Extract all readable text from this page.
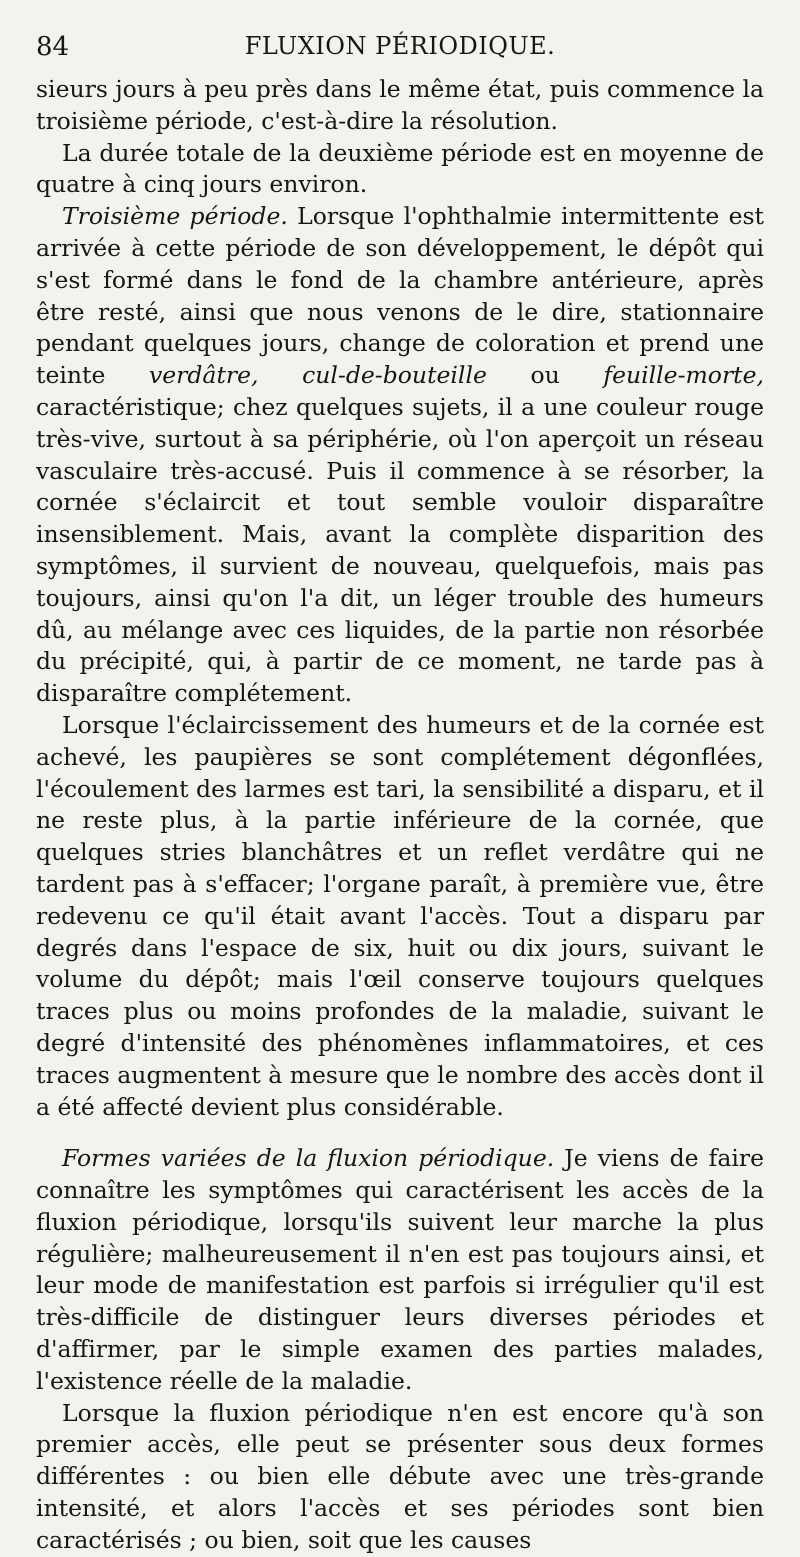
84	FLUXION PÉRIODIQUE.

sieurs jours à peu près dans le même état, puis commence la troisième période, c'est-à-dire la résolution.

La durée totale de la deuxième période est en moyenne de quatre à cinq jours environ.

Troisième période. Lorsque l'ophthalmie intermittente est arrivée à cette période de son développement, le dépôt qui s'est formé dans le fond de la chambre antérieure, après être resté, ainsi que nous venons de le dire, stationnaire pendant quelques jours, change de coloration et prend une teinte verdâtre, cul-de-bouteille ou feuille-morte, caractéristique; chez quelques sujets, il a une couleur rouge très-vive, surtout à sa périphérie, où l'on aperçoit un réseau vasculaire très-accusé. Puis il commence à se résorber, la cornée s'éclaircit et tout semble vouloir disparaître insensiblement. Mais, avant la complète disparition des symptômes, il survient de nouveau, quelquefois, mais pas toujours, ainsi qu'on l'a dit, un léger trouble des humeurs dû, au mélange avec ces liquides, de la partie non résorbée du précipité, qui, à partir de ce moment, ne tarde pas à disparaître complétement.

Lorsque l'éclaircissement des humeurs et de la cornée est achevé, les paupières se sont complétement dégonflées, l'écoulement des larmes est tari, la sensibilité a disparu, et il ne reste plus, à la partie inférieure de la cornée, que quelques stries blanchâtres et un reflet verdâtre qui ne tardent pas à s'effacer; l'organe paraît, à première vue, être redevenu ce qu'il était avant l'accès. Tout a disparu par degrés dans l'espace de six, huit ou dix jours, suivant le volume du dépôt; mais l'œil conserve toujours quelques traces plus ou moins profondes de la maladie, suivant le degré d'intensité des phénomènes inflammatoires, et ces traces augmentent à mesure que le nombre des accès dont il a été affecté devient plus considérable.

Formes variées de la fluxion périodique. Je viens de faire connaître les symptômes qui caractérisent les accès de la fluxion périodique, lorsqu'ils suivent leur marche la plus régulière; malheureusement il n'en est pas toujours ainsi, et leur mode de manifestation est parfois si irrégulier qu'il est très-difficile de distinguer leurs diverses périodes et d'affirmer, par le simple examen des parties malades, l'existence réelle de la maladie.

Lorsque la fluxion périodique n'en est encore qu'à son premier accès, elle peut se présenter sous deux formes différentes : ou bien elle débute avec une très-grande intensité, et alors l'accès et ses périodes sont bien caractérisés ; ou bien, soit que les causes
